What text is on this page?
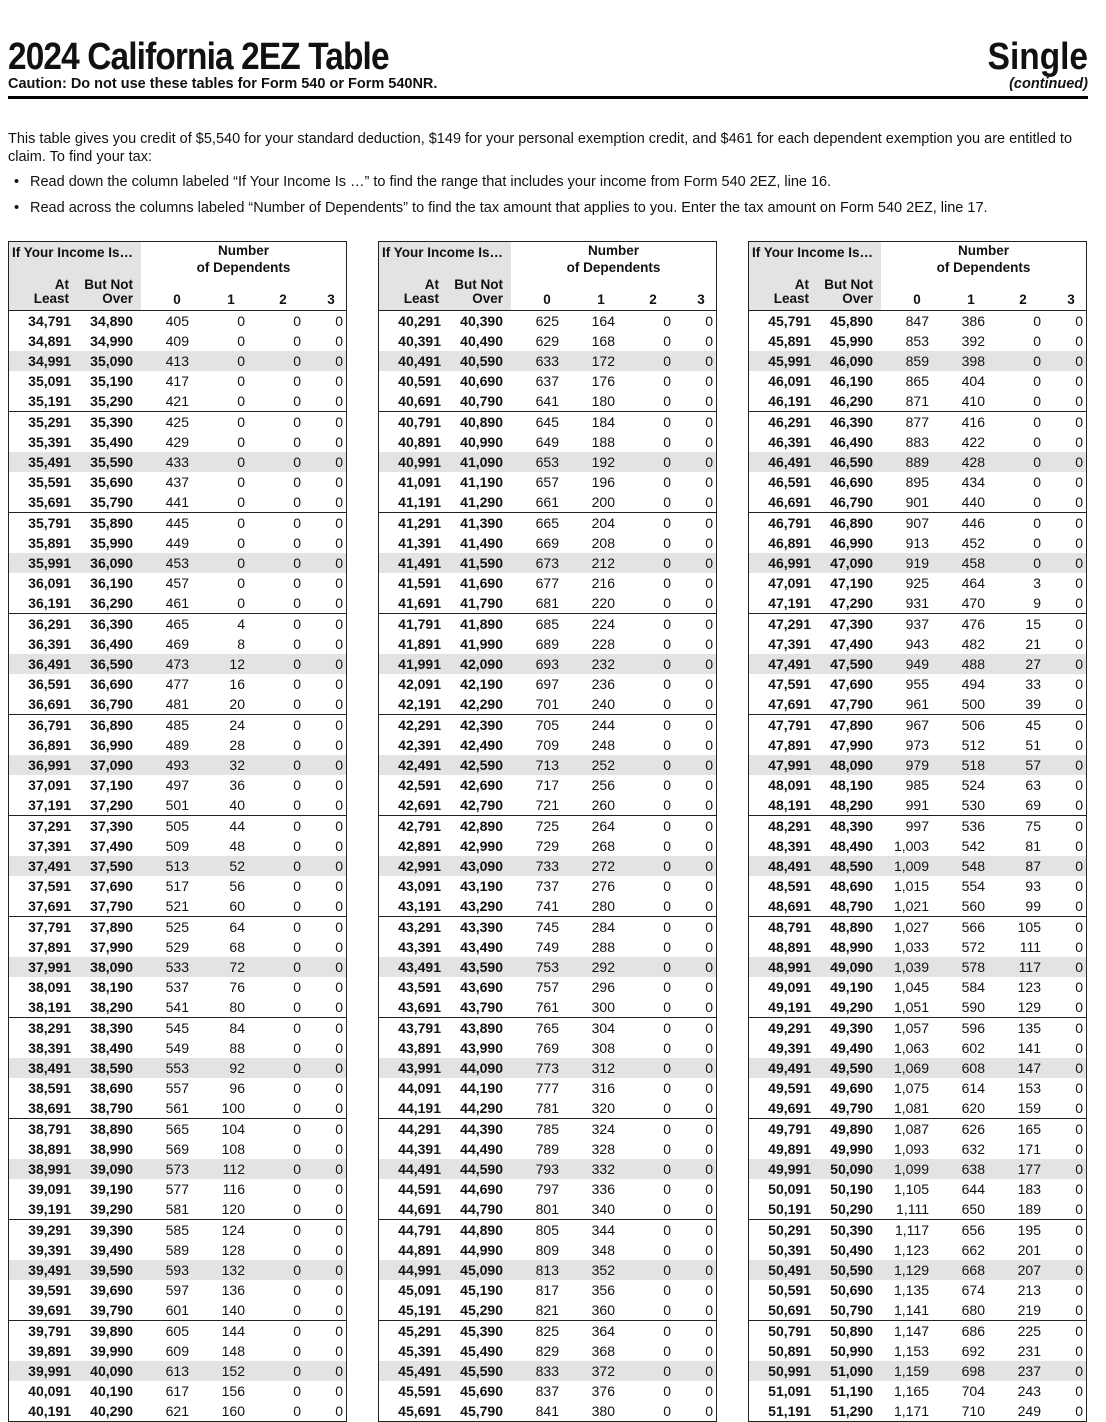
2024 California 2EZ Table
Caution: Do not use these tables for Form 540 or Form 540NR.
Single
(continued)
This table gives you credit of $5,540 for your standard deduction, $149 for your personal exemption credit, and $461 for each dependent exemption you are entitled to claim. To find your tax:
• Read down the column labeled “If Your Income Is …” to find the range that includes your income from Form 540 2EZ, line 16.
• Read across the columns labeled “Number of Dependents” to find the tax amount that applies to you. Enter the tax amount on Form 540 2EZ, line 17.
If Your Income Is…	Number
of Dependents
At
Least
But Not
Over	0	1	2	3
34,791	34,890	405	0	0	0
34,891	34,990	409	0	0	0
34,991	35,090	413	0	0	0
35,091	35,190	417	0	0	0
35,191	35,290	421	0	0	0
35,291	35,390	425	0	0	0
35,391	35,490	429	0	0	0
35,491	35,590	433	0	0	0
35,591	35,690	437	0	0	0
35,691	35,790	441	0	0	0
35,791	35,890	445	0	0	0
35,891	35,990	449	0	0	0
35,991	36,090	453	0	0	0
36,091	36,190	457	0	0	0
36,191	36,290	461	0	0	0
36,291	36,390	465	4	0	0
36,391	36,490	469	8	0	0
36,491	36,590	473	12	0	0
36,591	36,690	477	16	0	0
36,691	36,790	481	20	0	0
36,791	36,890	485	24	0	0
36,891	36,990	489	28	0	0
36,991	37,090	493	32	0	0
37,091	37,190	497	36	0	0
37,191	37,290	501	40	0	0
37,291	37,390	505	44	0	0
37,391	37,490	509	48	0	0
37,491	37,590	513	52	0	0
37,591	37,690	517	56	0	0
37,691	37,790	521	60	0	0
37,791	37,890	525	64	0	0
37,891	37,990	529	68	0	0
37,991	38,090	533	72	0	0
38,091	38,190	537	76	0	0
38,191	38,290	541	80	0	0
38,291	38,390	545	84	0	0
38,391	38,490	549	88	0	0
38,491	38,590	553	92	0	0
38,591	38,690	557	96	0	0
38,691	38,790	561	100	0	0
38,791	38,890	565	104	0	0
38,891	38,990	569	108	0	0
38,991	39,090	573	112	0	0
39,091	39,190	577	116	0	0
39,191	39,290	581	120	0	0
39,291	39,390	585	124	0	0
39,391	39,490	589	128	0	0
39,491	39,590	593	132	0	0
39,591	39,690	597	136	0	0
39,691	39,790	601	140	0	0
39,791	39,890	605	144	0	0
39,891	39,990	609	148	0	0
39,991	40,090	613	152	0	0
40,091	40,190	617	156	0	0
40,191	40,290	621	160	0	0
If Your Income Is…	Number
of Dependents
At
Least
But Not
Over	0	1	2	3
40,291	40,390	625	164	0	0
40,391	40,490	629	168	0	0
40,491	40,590	633	172	0	0
40,591	40,690	637	176	0	0
40,691	40,790	641	180	0	0
40,791	40,890	645	184	0	0
40,891	40,990	649	188	0	0
40,991	41,090	653	192	0	0
41,091	41,190	657	196	0	0
41,191	41,290	661	200	0	0
41,291	41,390	665	204	0	0
41,391	41,490	669	208	0	0
41,491	41,590	673	212	0	0
41,591	41,690	677	216	0	0
41,691	41,790	681	220	0	0
41,791	41,890	685	224	0	0
41,891	41,990	689	228	0	0
41,991	42,090	693	232	0	0
42,091	42,190	697	236	0	0
42,191	42,290	701	240	0	0
42,291	42,390	705	244	0	0
42,391	42,490	709	248	0	0
42,491	42,590	713	252	0	0
42,591	42,690	717	256	0	0
42,691	42,790	721	260	0	0
42,791	42,890	725	264	0	0
42,891	42,990	729	268	0	0
42,991	43,090	733	272	0	0
43,091	43,190	737	276	0	0
43,191	43,290	741	280	0	0
43,291	43,390	745	284	0	0
43,391	43,490	749	288	0	0
43,491	43,590	753	292	0	0
43,591	43,690	757	296	0	0
43,691	43,790	761	300	0	0
43,791	43,890	765	304	0	0
43,891	43,990	769	308	0	0
43,991	44,090	773	312	0	0
44,091	44,190	777	316	0	0
44,191	44,290	781	320	0	0
44,291	44,390	785	324	0	0
44,391	44,490	789	328	0	0
44,491	44,590	793	332	0	0
44,591	44,690	797	336	0	0
44,691	44,790	801	340	0	0
44,791	44,890	805	344	0	0
44,891	44,990	809	348	0	0
44,991	45,090	813	352	0	0
45,091	45,190	817	356	0	0
45,191	45,290	821	360	0	0
45,291	45,390	825	364	0	0
45,391	45,490	829	368	0	0
45,491	45,590	833	372	0	0
45,591	45,690	837	376	0	0
45,691	45,790	841	380	0	0
If Your Income Is…	Number
of Dependents
At
Least
But Not
Over	0	1	2	3
45,791	45,890	847	386	0	0
45,891	45,990	853	392	0	0
45,991	46,090	859	398	0	0
46,091	46,190	865	404	0	0
46,191	46,290	871	410	0	0
46,291	46,390	877	416	0	0
46,391	46,490	883	422	0	0
46,491	46,590	889	428	0	0
46,591	46,690	895	434	0	0
46,691	46,790	901	440	0	0
46,791	46,890	907	446	0	0
46,891	46,990	913	452	0	0
46,991	47,090	919	458	0	0
47,091	47,190	925	464	3	0
47,191	47,290	931	470	9	0
47,291	47,390	937	476	15	0
47,391	47,490	943	482	21	0
47,491	47,590	949	488	27	0
47,591	47,690	955	494	33	0
47,691	47,790	961	500	39	0
47,791	47,890	967	506	45	0
47,891	47,990	973	512	51	0
47,991	48,090	979	518	57	0
48,091	48,190	985	524	63	0
48,191	48,290	991	530	69	0
48,291	48,390	997	536	75	0
48,391	48,490	1,003	542	81	0
48,491	48,590	1,009	548	87	0
48,591	48,690	1,015	554	93	0
48,691	48,790	1,021	560	99	0
48,791	48,890	1,027	566	105	0
48,891	48,990	1,033	572	111	0
48,991	49,090	1,039	578	117	0
49,091	49,190	1,045	584	123	0
49,191	49,290	1,051	590	129	0
49,291	49,390	1,057	596	135	0
49,391	49,490	1,063	602	141	0
49,491	49,590	1,069	608	147	0
49,591	49,690	1,075	614	153	0
49,691	49,790	1,081	620	159	0
49,791	49,890	1,087	626	165	0
49,891	49,990	1,093	632	171	0
49,991	50,090	1,099	638	177	0
50,091	50,190	1,105	644	183	0
50,191	50,290	1,111	650	189	0
50,291	50,390	1,117	656	195	0
50,391	50,490	1,123	662	201	0
50,491	50,590	1,129	668	207	0
50,591	50,690	1,135	674	213	0
50,691	50,790	1,141	680	219	0
50,791	50,890	1,147	686	225	0
50,891	50,990	1,153	692	231	0
50,991	51,090	1,159	698	237	0
51,091	51,190	1,165	704	243	0
51,191	51,290	1,171	710	249	0
